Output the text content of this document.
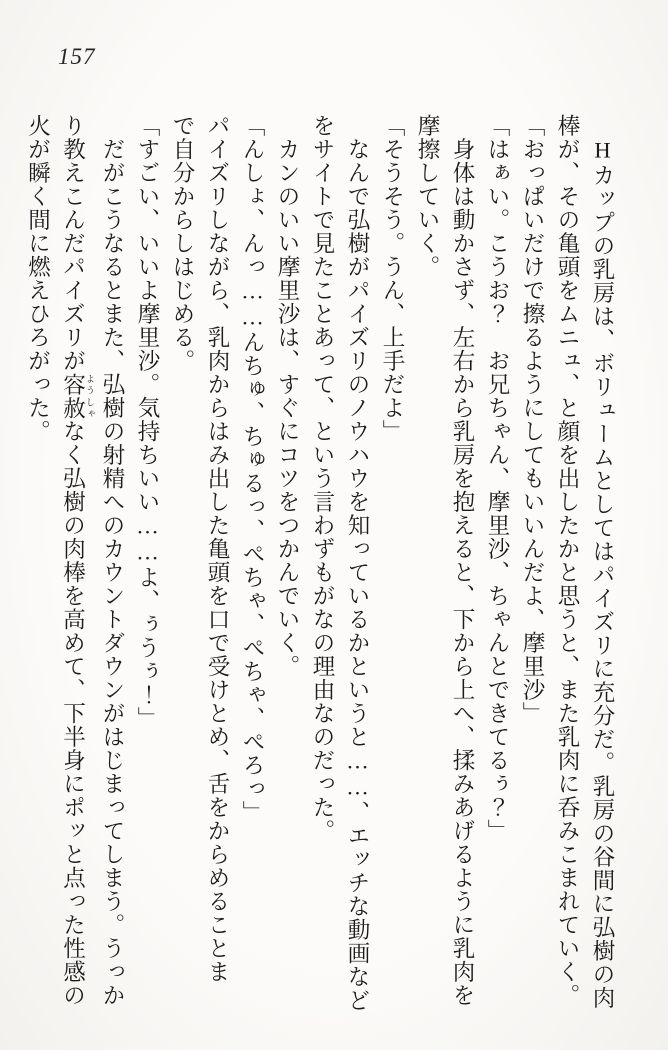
157

　Hカップの乳房は、ボリュームとしてはパイズリに充分だ。乳房の谷間に弘樹の肉

棒が、その亀頭をムニュ、と顔を出したかと思うと、また乳肉に呑みこまれていく。

「おっぱいだけで擦るようにしてもいいんだよ、摩里沙」

「はぁい。こうお？　お兄ちゃん、摩里沙、ちゃんとできてるぅ？」

　身体は動かさず、左右から乳房を抱えると、下から上へ、揉みあげるように乳肉を

摩擦していく。

「そうそう。うん、上手だよ」

　なんで弘樹がパイズリのノウハウを知っているかというと……、エッチな動画など

をサイトで見たことあって、という言わずもがなの理由なのだった。

　カンのいい摩里沙は、すぐにコツをつかんでいく。

「んしょ、んっ……んちゅ、ちゅるっ、ぺちゃ、ぺちゃ、ぺろっ」

パイズリしながら、乳肉からはみ出した亀頭を口で受けとめ、舌をからめることま

で自分からしはじめる。

「すごい、いいよ摩里沙。気持ちいい……よ、ぅうぅ！」

　だがこうなるとまた、弘樹の射精へのカウントダウンがはじまってしまう。うっか

り教えこんだパイズリが容赦 ようしゃなく弘樹の肉棒を高めて、下半身にポッと点った性感の

火が瞬く間に燃えひろがった。
